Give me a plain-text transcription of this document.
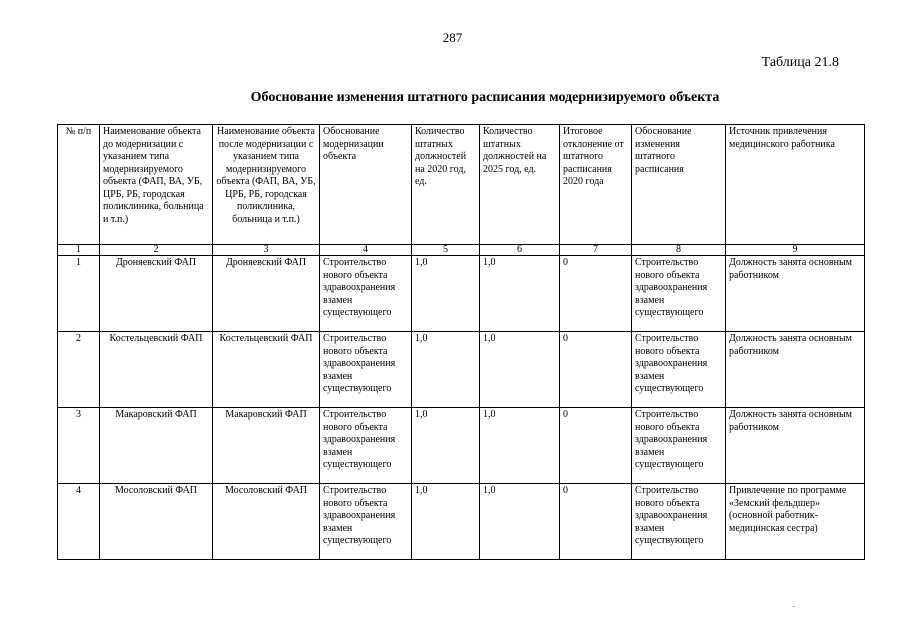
287
Таблица 21.8
Обоснование изменения штатного расписания модернизируемого объекта
№ п/п	Наименование объекта до модернизации с указанием типа модернизируемого объекта (ФАП, ВА, УБ, ЦРБ, РБ, городская поликлиника, больница и т.п.)	Наименование объекта после модернизации с указанием типа модернизируемого объекта (ФАП, ВА, УБ, ЦРБ, РБ, городская поликлиника, больница и т.п.)	Обоснование модернизации объекта	Количество штатных должностей на 2020 год, ед.	Количество штатных должностей на 2025 год, ед.	Итоговое отклонение от штатного расписания 2020 года	Обоснование изменения штатного расписания	Источник привлечения медицинского работника
1	2	3	4	5	6	7	8	9
1	Дроняевский ФАП	Дроняевский ФАП	Строительство нового объекта здравоохранения взамен существующего	1,0	1,0	0	Строительство нового объекта здравоохранения взамен существующего	Должность занята основным работником
2	Костельцевский ФАП	Костельцевский ФАП	Строительство нового объекта здравоохранения взамен существующего	1,0	1,0	0	Строительство нового объекта здравоохранения взамен существующего	Должность занята основным работником
3	Макаровский ФАП	Макаровский ФАП	Строительство нового объекта здравоохранения взамен существующего	1,0	1,0	0	Строительство нового объекта здравоохранения взамен существующего	Должность занята основным работником
4	Мосоловский ФАП	Мосоловский ФАП	Строительство нового объекта здравоохранения взамен существующего	1,0	1,0	0	Строительство нового объекта здравоохранения взамен существующего	Привлечение по программе «Земский фельдшер» (основной работник- медицинская сестра)
